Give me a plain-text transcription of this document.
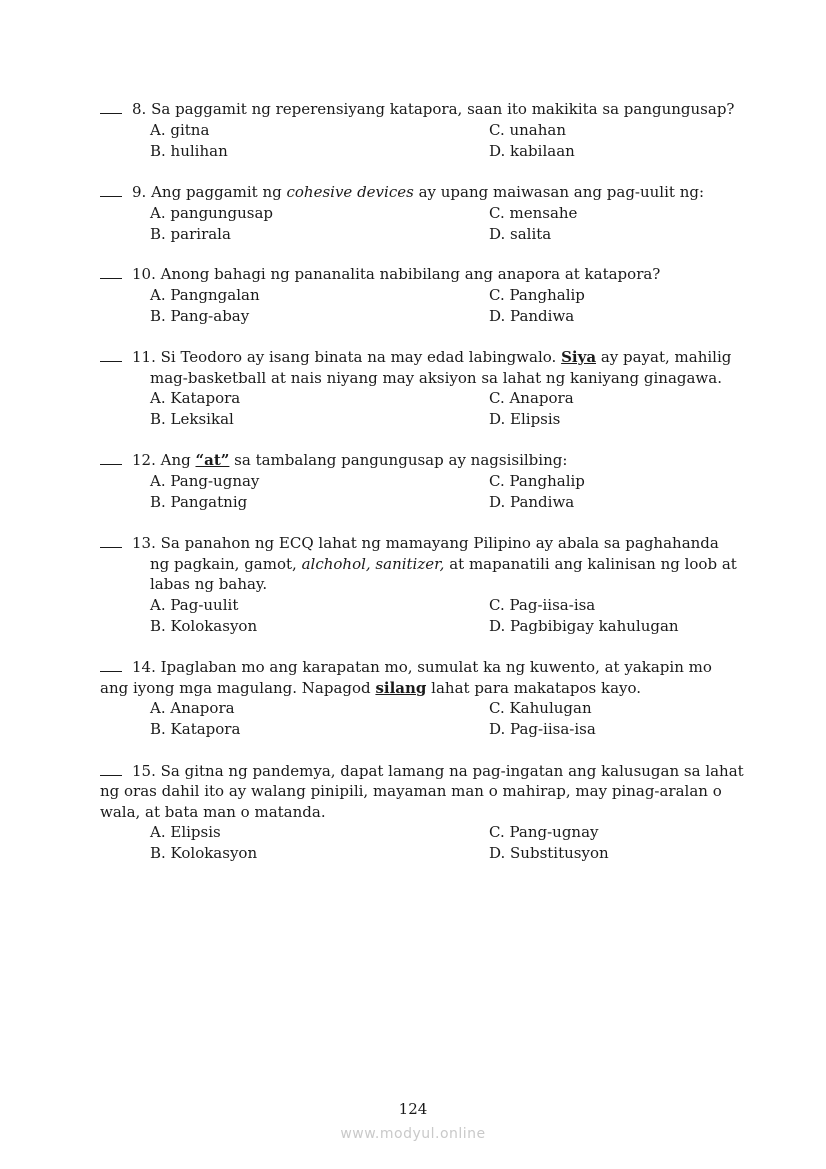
8. Sa paggamit ng reperensiyang katapora, saan ito makikita sa pangungusap?
A. gitna	C. unahan
B. hulihan	D. kabilaan
9. Ang paggamit ng cohesive devices ay upang maiwasan ang pag-uulit ng:
A. pangungusap	C. mensahe
B. parirala	D. salita
10. Anong bahagi ng pananalita nabibilang ang anapora at katapora?
A. Pangngalan	C. Panghalip
B. Pang-abay	D. Pandiwa
11. Si Teodoro ay isang binata na may edad labingwalo. Siya ay payat, mahilig
mag-basketball at nais niyang may aksiyon sa lahat ng kaniyang ginagawa.
A. Katapora	C. Anapora
B. Leksikal	D. Elipsis
12. Ang “at” sa tambalang pangungusap ay nagsisilbing:
A. Pang-ugnay	C. Panghalip
B. Pangatnig	D. Pandiwa
13. Sa panahon ng ECQ lahat ng mamayang Pilipino ay abala sa paghahanda
ng pagkain, gamot, alchohol, sanitizer, at mapanatili ang kalinisan ng loob at
labas ng bahay.
A. Pag-uulit	C. Pag-iisa-isa
B. Kolokasyon	D. Pagbibigay kahulugan
14. Ipaglaban mo ang karapatan mo, sumulat ka ng kuwento, at yakapin mo
ang iyong mga magulang. Napagod silang lahat para makatapos kayo.
A. Anapora	C. Kahulugan
B. Katapora	D. Pag-iisa-isa
15. Sa gitna ng pandemya, dapat lamang na pag-ingatan ang kalusugan sa lahat
ng oras dahil ito ay walang pinipili, mayaman man o mahirap, may pinag-aralan o
wala, at bata man o matanda.
A. Elipsis	C. Pang-ugnay
B. Kolokasyon	D. Substitusyon
124
www.modyul.online
